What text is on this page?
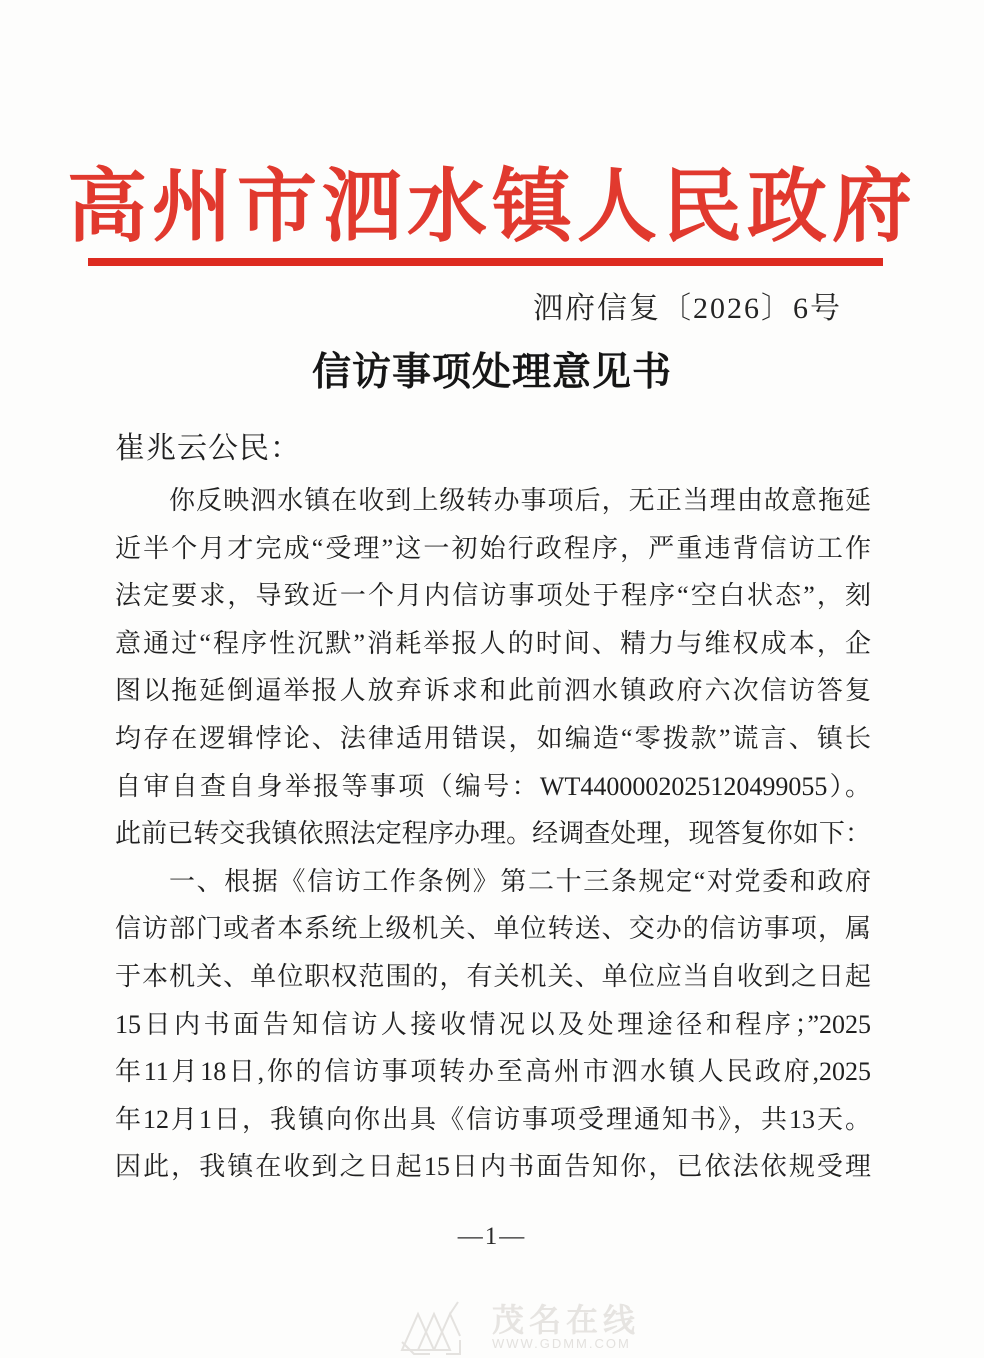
高州市泗水镇人民政府
泗府信复〔2026〕6号
信访事项处理意见书
崔兆云公民：
你反映泗水镇在收到上级转办事项后，无正当理由故意拖延
近半个月才完成“受理”这一初始行政程序，严重违背信访工作
法定要求，导致近一个月内信访事项处于程序“空白状态”，刻
意通过“程序性沉默”消耗举报人的时间、精力与维权成本，企
图以拖延倒逼举报人放弃诉求和此前泗水镇政府六次信访答复
均存在逻辑悖论、法律适用错误，如编造“零拨款”谎言、镇长
自审自查自身举报等事项（编号：WT4400002025120499055）。
此前已转交我镇依照法定程序办理。经调查处理，现答复你如下：
一、根据《信访工作条例》第二十三条规定“对党委和政府
信访部门或者本系统上级机关、单位转送、交办的信访事项，属
于本机关、单位职权范围的，有关机关、单位应当自收到之日起
15日内书面告知信访人接收情况以及处理途径和程序；”2025
年11月18日,你的信访事项转办至高州市泗水镇人民政府,2025
年12月1日，我镇向你出具《信访事项受理通知书》，共13天。
因此，我镇在收到之日起15日内书面告知你，已依法依规受理
—1—
茂名在线
WWW.GDMM.COM
